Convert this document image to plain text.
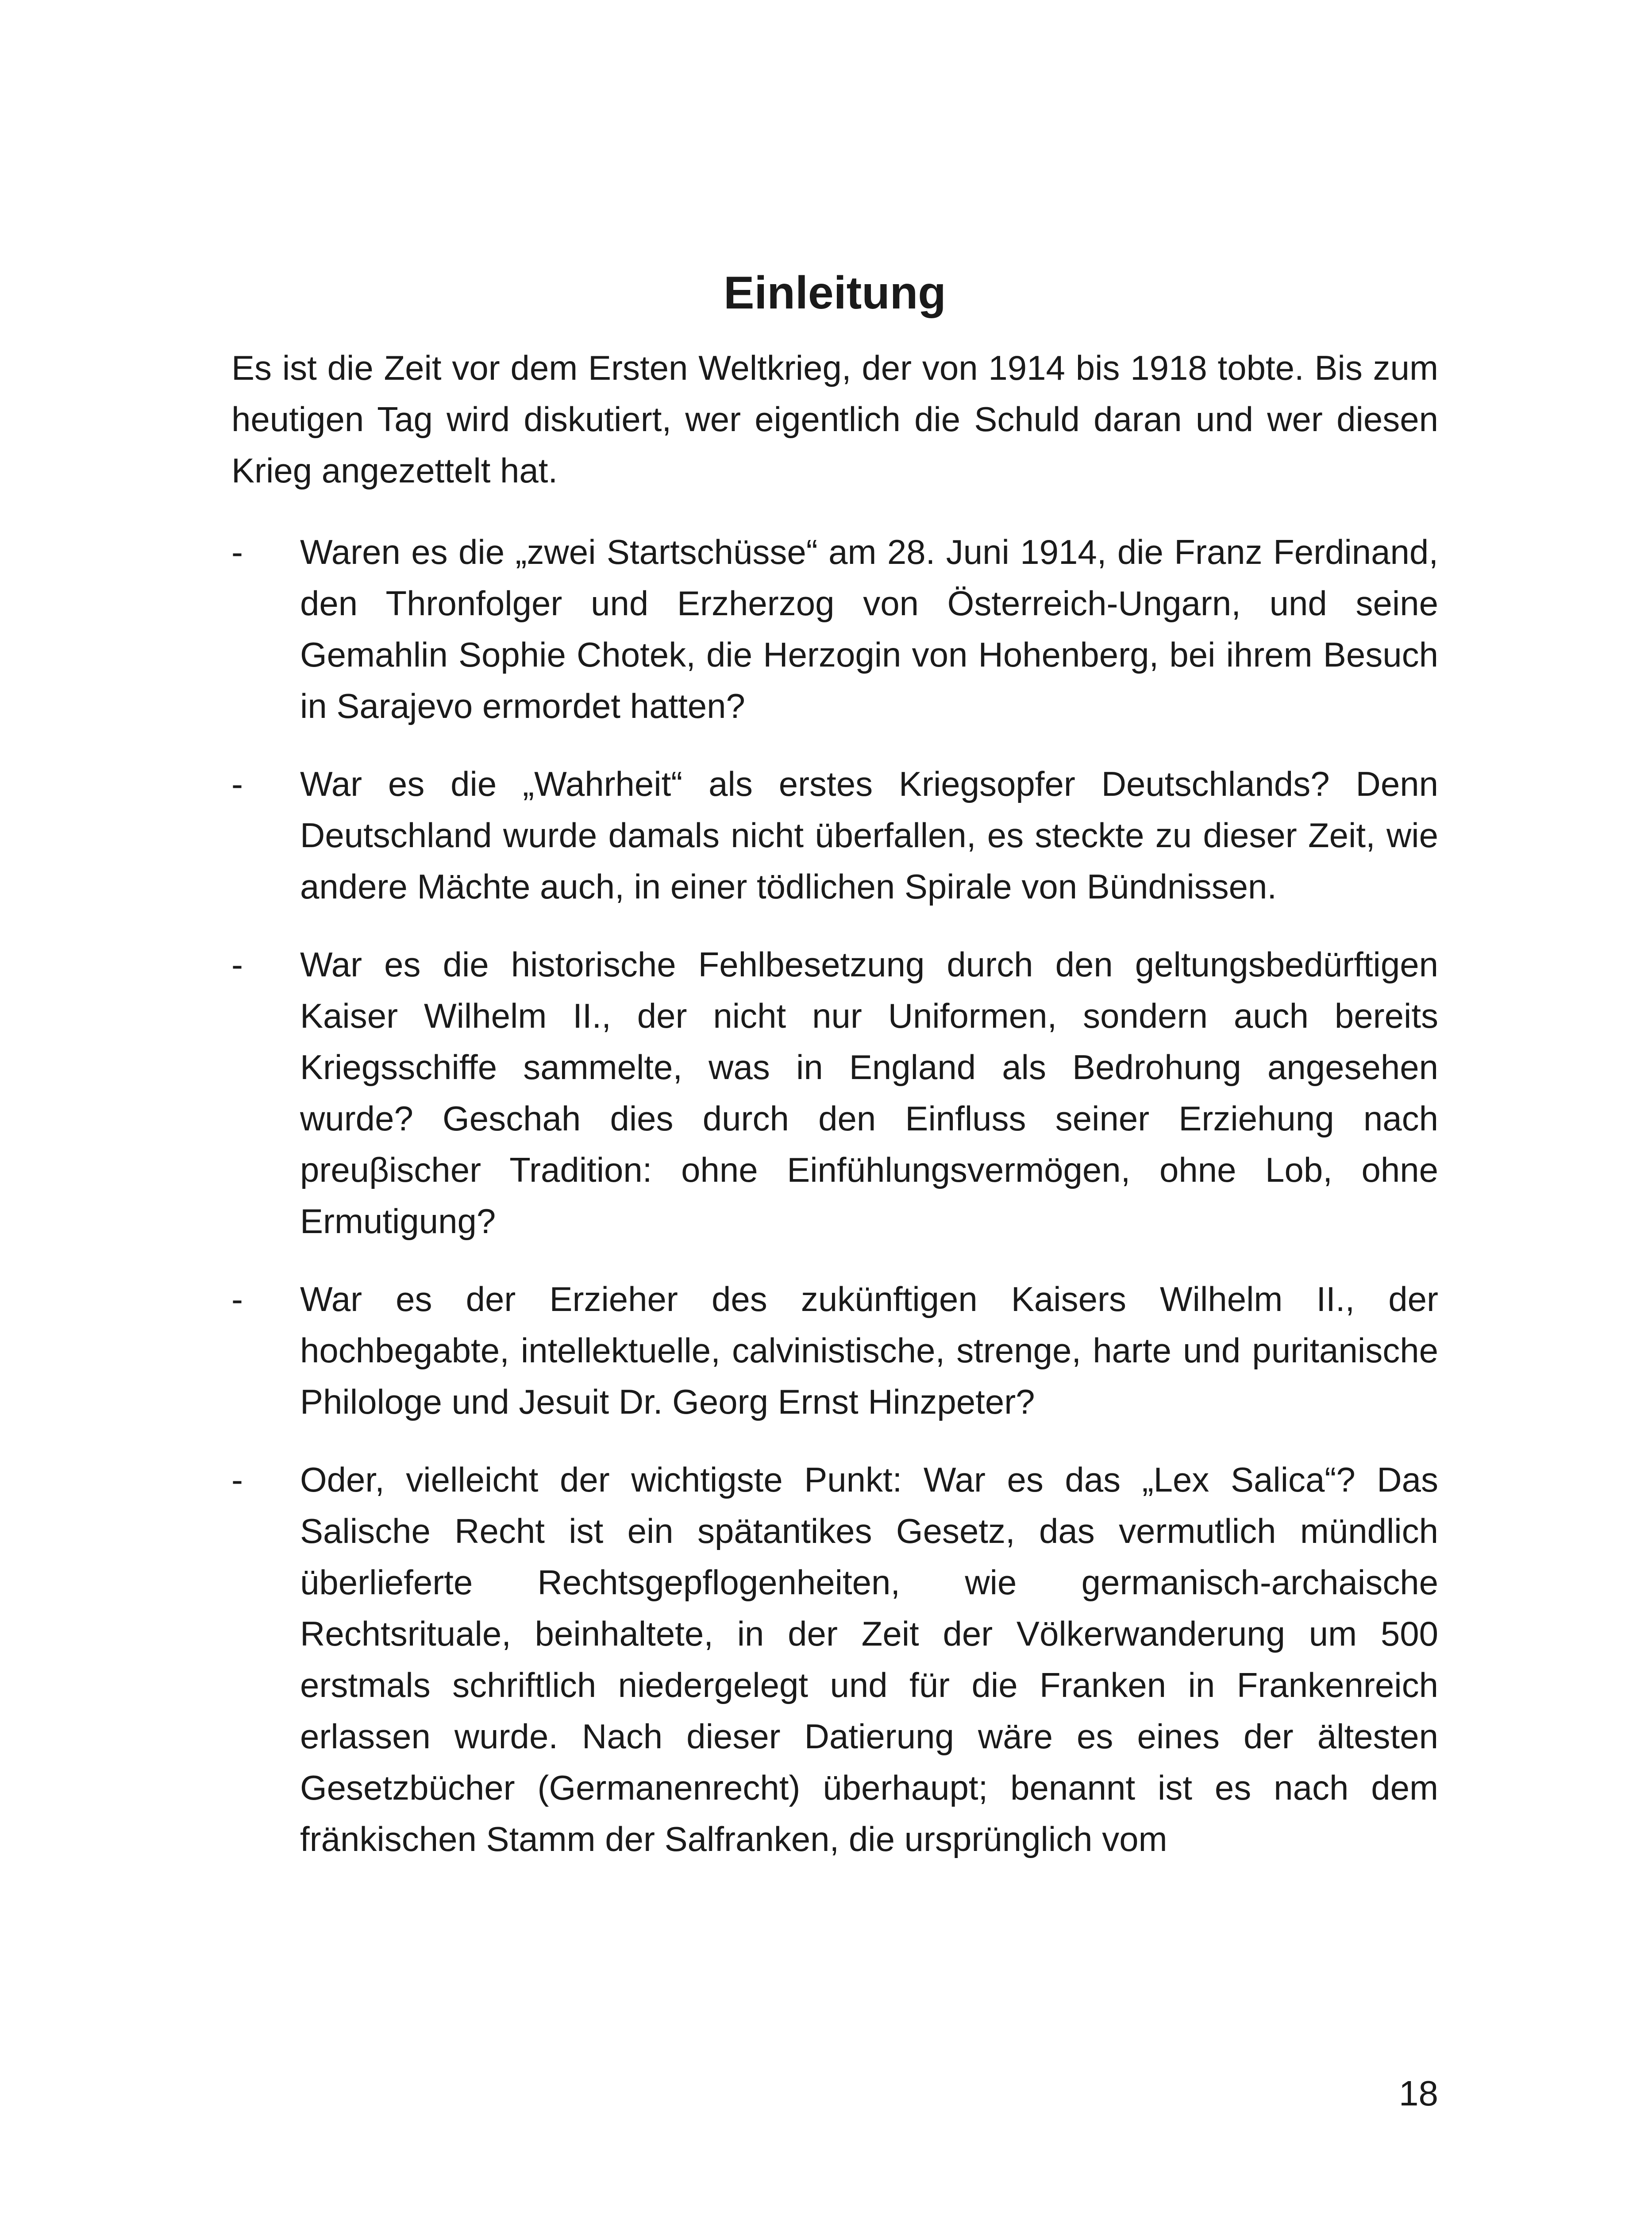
Einleitung

Es ist die Zeit vor dem Ersten Weltkrieg, der von 1914 bis 1918 tobte. Bis zum heutigen Tag wird diskutiert, wer eigentlich die Schuld daran und wer diesen Krieg angezettelt hat.

-	Waren es die „zwei Startschüsse“ am 28. Juni 1914, die Franz Ferdinand, den Thronfolger und Erzherzog von Österreich-Ungarn, und seine Gemahlin Sophie Chotek, die Herzogin von Hohenberg, bei ihrem Besuch in Sarajevo ermordet hatten?
-	War es die „Wahrheit“ als erstes Kriegsopfer Deutschlands? Denn Deutschland wurde damals nicht überfallen, es steckte zu dieser Zeit, wie andere Mächte auch, in einer tödlichen Spirale von Bündnissen.
-	War es die historische Fehlbesetzung durch den geltungsbedürftigen Kaiser Wilhelm II., der nicht nur Uniformen, sondern auch bereits Kriegsschiffe sammelte, was in England als Bedrohung angesehen wurde? Geschah dies durch den Einfluss seiner Erziehung nach preuβischer Tradition: ohne Einfühlungsvermögen, ohne Lob, ohne Ermutigung?
-	War es der Erzieher des zukünftigen Kaisers Wilhelm II., der hochbegabte, intellektuelle, calvinistische, strenge, harte und puritanische Philologe und Jesuit Dr. Georg Ernst Hinzpeter?
-	Oder, vielleicht der wichtigste Punkt: War es das „Lex Salica“? Das Salische Recht ist ein spätantikes Gesetz, das vermutlich mündlich überlieferte Rechtsgepflogenheiten, wie germanisch-archaische Rechtsrituale, beinhaltete, in der Zeit der Völkerwanderung um 500 erstmals schriftlich niedergelegt und für die Franken in Frankenreich erlassen wurde. Nach dieser Datierung wäre es eines der ältesten Gesetzbücher (Germanenrecht) überhaupt; benannt ist es nach dem fränkischen Stamm der Salfranken, die ursprünglich vom
18
